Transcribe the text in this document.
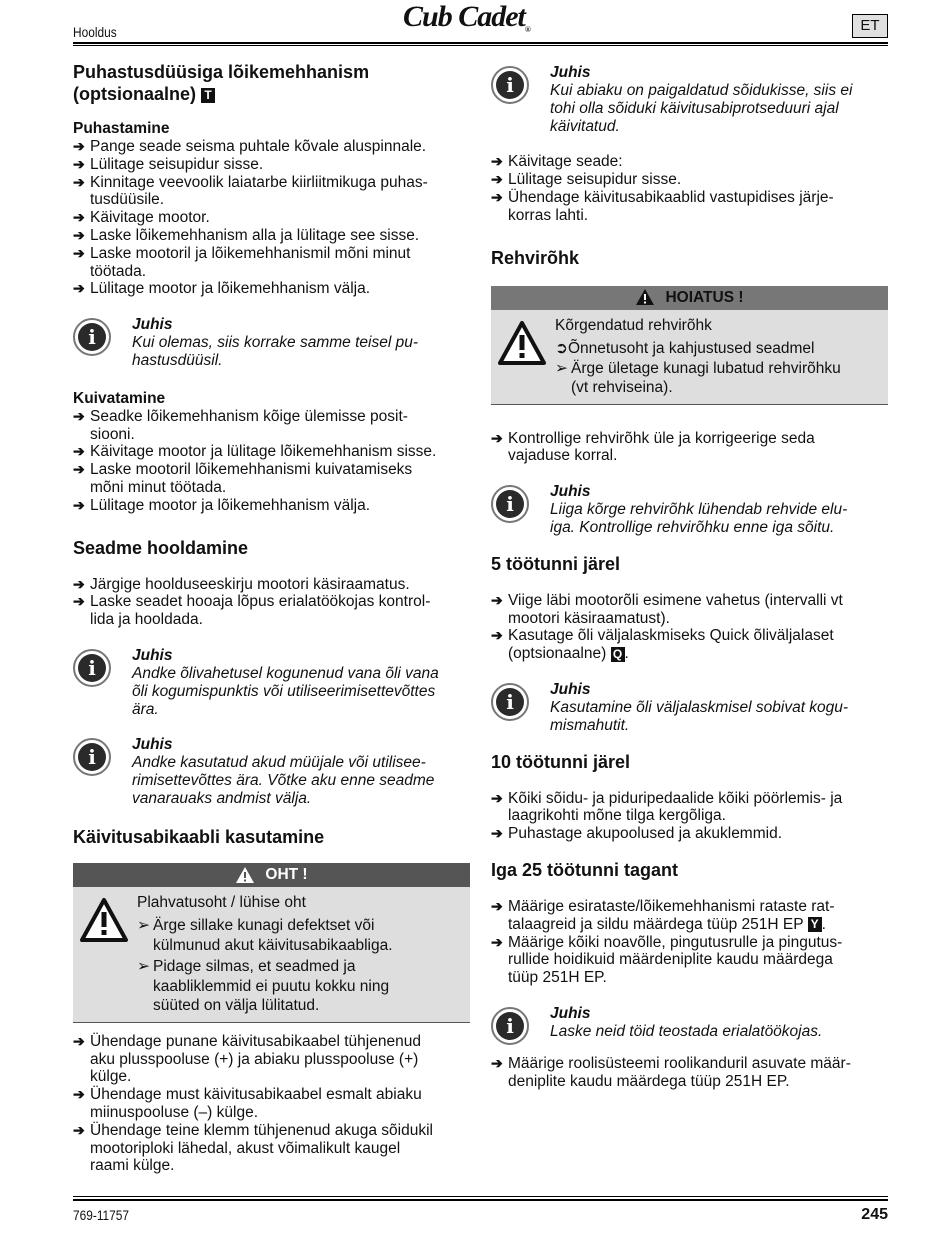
Hooldus	Cub Cadet®	ET
Puhastusdüüsiga lõikemehhanism
(optsionaalne) T
Puhastamine
➔ Pange seade seisma puhtale kõvale aluspinnale.
➔ Lülitage seisupidur sisse.
➔ Kinnitage veevoolik laiatarbe kiirliitmikuga puhas-
tusdüüsile.
➔ Käivitage mootor.
➔ Laske lõikemehhanism alla ja lülitage see sisse.
➔ Laske mootoril ja lõikemehhanismil mõni minut
töötada.
➔ Lülitage mootor ja lõikemehhanism välja.
i
Juhis
Kui olemas, siis korrake samme teisel pu-
hastusdüüsil.
Kuivatamine
➔ Seadke lõikemehhanism kõige ülemisse posit-
siooni.
➔ Käivitage mootor ja lülitage lõikemehhanism sisse.
➔ Laske mootoril lõikemehhanismi kuivatamiseks
mõni minut töötada.
➔ Lülitage mootor ja lõikemehhanism välja.
Seadme hooldamine
➔ Järgige hoolduseeskirju mootori käsiraamatus.
➔ Laske seadet hooaja lõpus erialatöökojas kontrol-
lida ja hooldada.
i
Juhis
Andke õlivahetusel kogunenud vana õli vana
õli kogumispunktis või utiliseerimisettevõttes
ära.
i
Juhis
Andke kasutatud akud müüjale või utilisee-
rimisettevõttes ära. Võtke aku enne seadme
vanarauaks andmist välja.
Käivitusabikaabli kasutamine
OHT !
Plahvatusoht / lühise oht
➢ Ärge sillake kunagi defektset või
külmunud akut käivitusabikaabliga.
➢ Pidage silmas, et seadmed ja
kaabliklemmid ei puutu kokku ning
süüted on välja lülitatud.
➔ Ühendage punane käivitusabikaabel tühjenenud
aku plusspooluse (+) ja abiaku plusspooluse (+)
külge.
➔ Ühendage must käivitusabikaabel esmalt abiaku
miinuspooluse (–) külge.
➔ Ühendage teine klemm tühjenenud akuga sõidukil
mootoriploki lähedal, akust võimalikult kaugel
raami külge.
i
Juhis
Kui abiaku on paigaldatud sõidukisse, siis ei
tohi olla sõiduki käivitusabiprotseduuri ajal
käivitatud.
➔ Käivitage seade:
➔ Lülitage seisupidur sisse.
➔ Ühendage käivitusabikaablid vastupidises järje-
korras lahti.
Rehvirõhk
HOIATUS !
Kõrgendatud rehvirõhk
➲Õnnetusoht ja kahjustused seadmel
➢ Ärge ületage kunagi lubatud rehvirõhku
(vt rehviseina).
➔ Kontrollige rehvirõhk üle ja korrigeerige seda
vajaduse korral.
i
Juhis
Liiga kõrge rehvirõhk lühendab rehvide elu-
iga. Kontrollige rehvirõhku enne iga sõitu.
5 töötunni järel
➔ Viige läbi mootorõli esimene vahetus (intervalli vt
mootori käsiraamatust).
➔ Kasutage õli väljalaskmiseks Quick õliväljalaset
(optsionaalne) Q .
i
Juhis
Kasutamine õli väljalaskmisel sobivat kogu-
mismahutit.
10 töötunni järel
➔ Kõiki sõidu- ja piduripedaalide kõiki pöörlemis- ja
laagrikohti mõne tilga kergõliga.
➔ Puhastage akupoolused ja akuklemmid.
Iga 25 töötunni tagant
➔ Määrige esirataste/lõikemehhanismi rataste rat-
talaagreid ja sildu määrdega tüüp 251H EP Y .
➔ Määrige kõiki noavõlle, pingutusrulle ja pingutus-
rullide hoidikuid määrdeniplite kaudu määrdega
tüüp 251H EP.
i
Juhis
Laske neid töid teostada erialatöökojas.
➔ Määrige roolisüsteemi roolikanduril asuvate määr-
deniplite kaudu määrdega tüüp 251H EP.
769-11757	245
